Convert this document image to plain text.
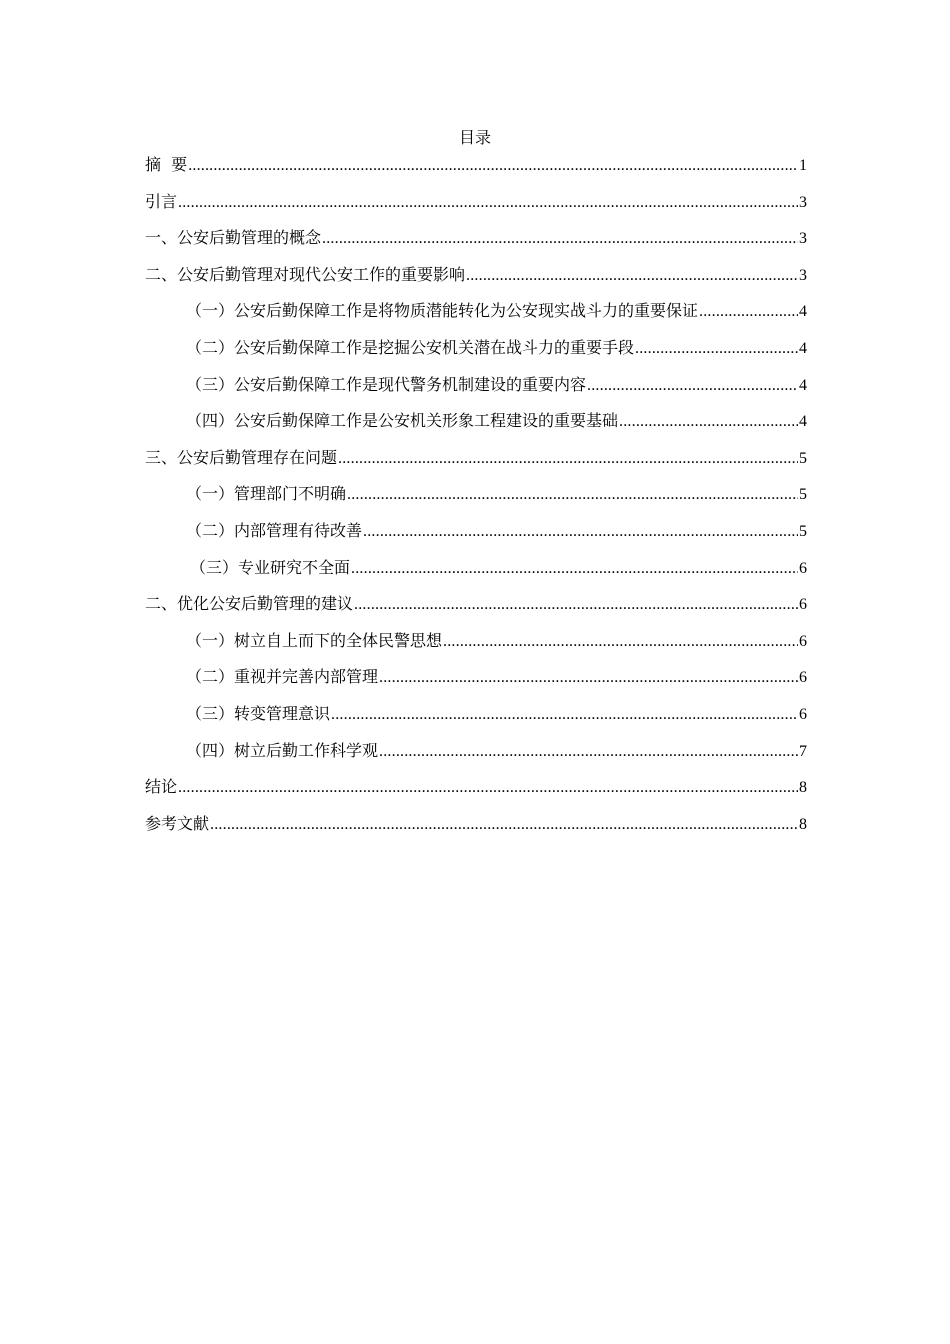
目录
摘  要 .....	1
引言 .....	3
一、公安后勤管理的概念 .....	3
二、公安后勤管理对现代公安工作的重要影响 .....	3
（一）公安后勤保障工作是将物质潜能转化为公安现实战斗力的重要保证 .....	4
（二）公安后勤保障工作是挖掘公安机关潜在战斗力的重要手段 .....	4
（三）公安后勤保障工作是现代警务机制建设的重要内容 .....	4
（四）公安后勤保障工作是公安机关形象工程建设的重要基础 .....	4
三、公安后勤管理存在问题 .....	5
（一）管理部门不明确 .....	5
（二）内部管理有待改善 .....	5
（三）专业研究不全面 .....	6
二、优化公安后勤管理的建议 .....	6
（一）树立自上而下的全体民警思想 .....	6
（二）重视并完善内部管理 .....	6
（三）转变管理意识 .....	6
（四）树立后勤工作科学观 .....	7
结论 .....	8
参考文献 .....	8
